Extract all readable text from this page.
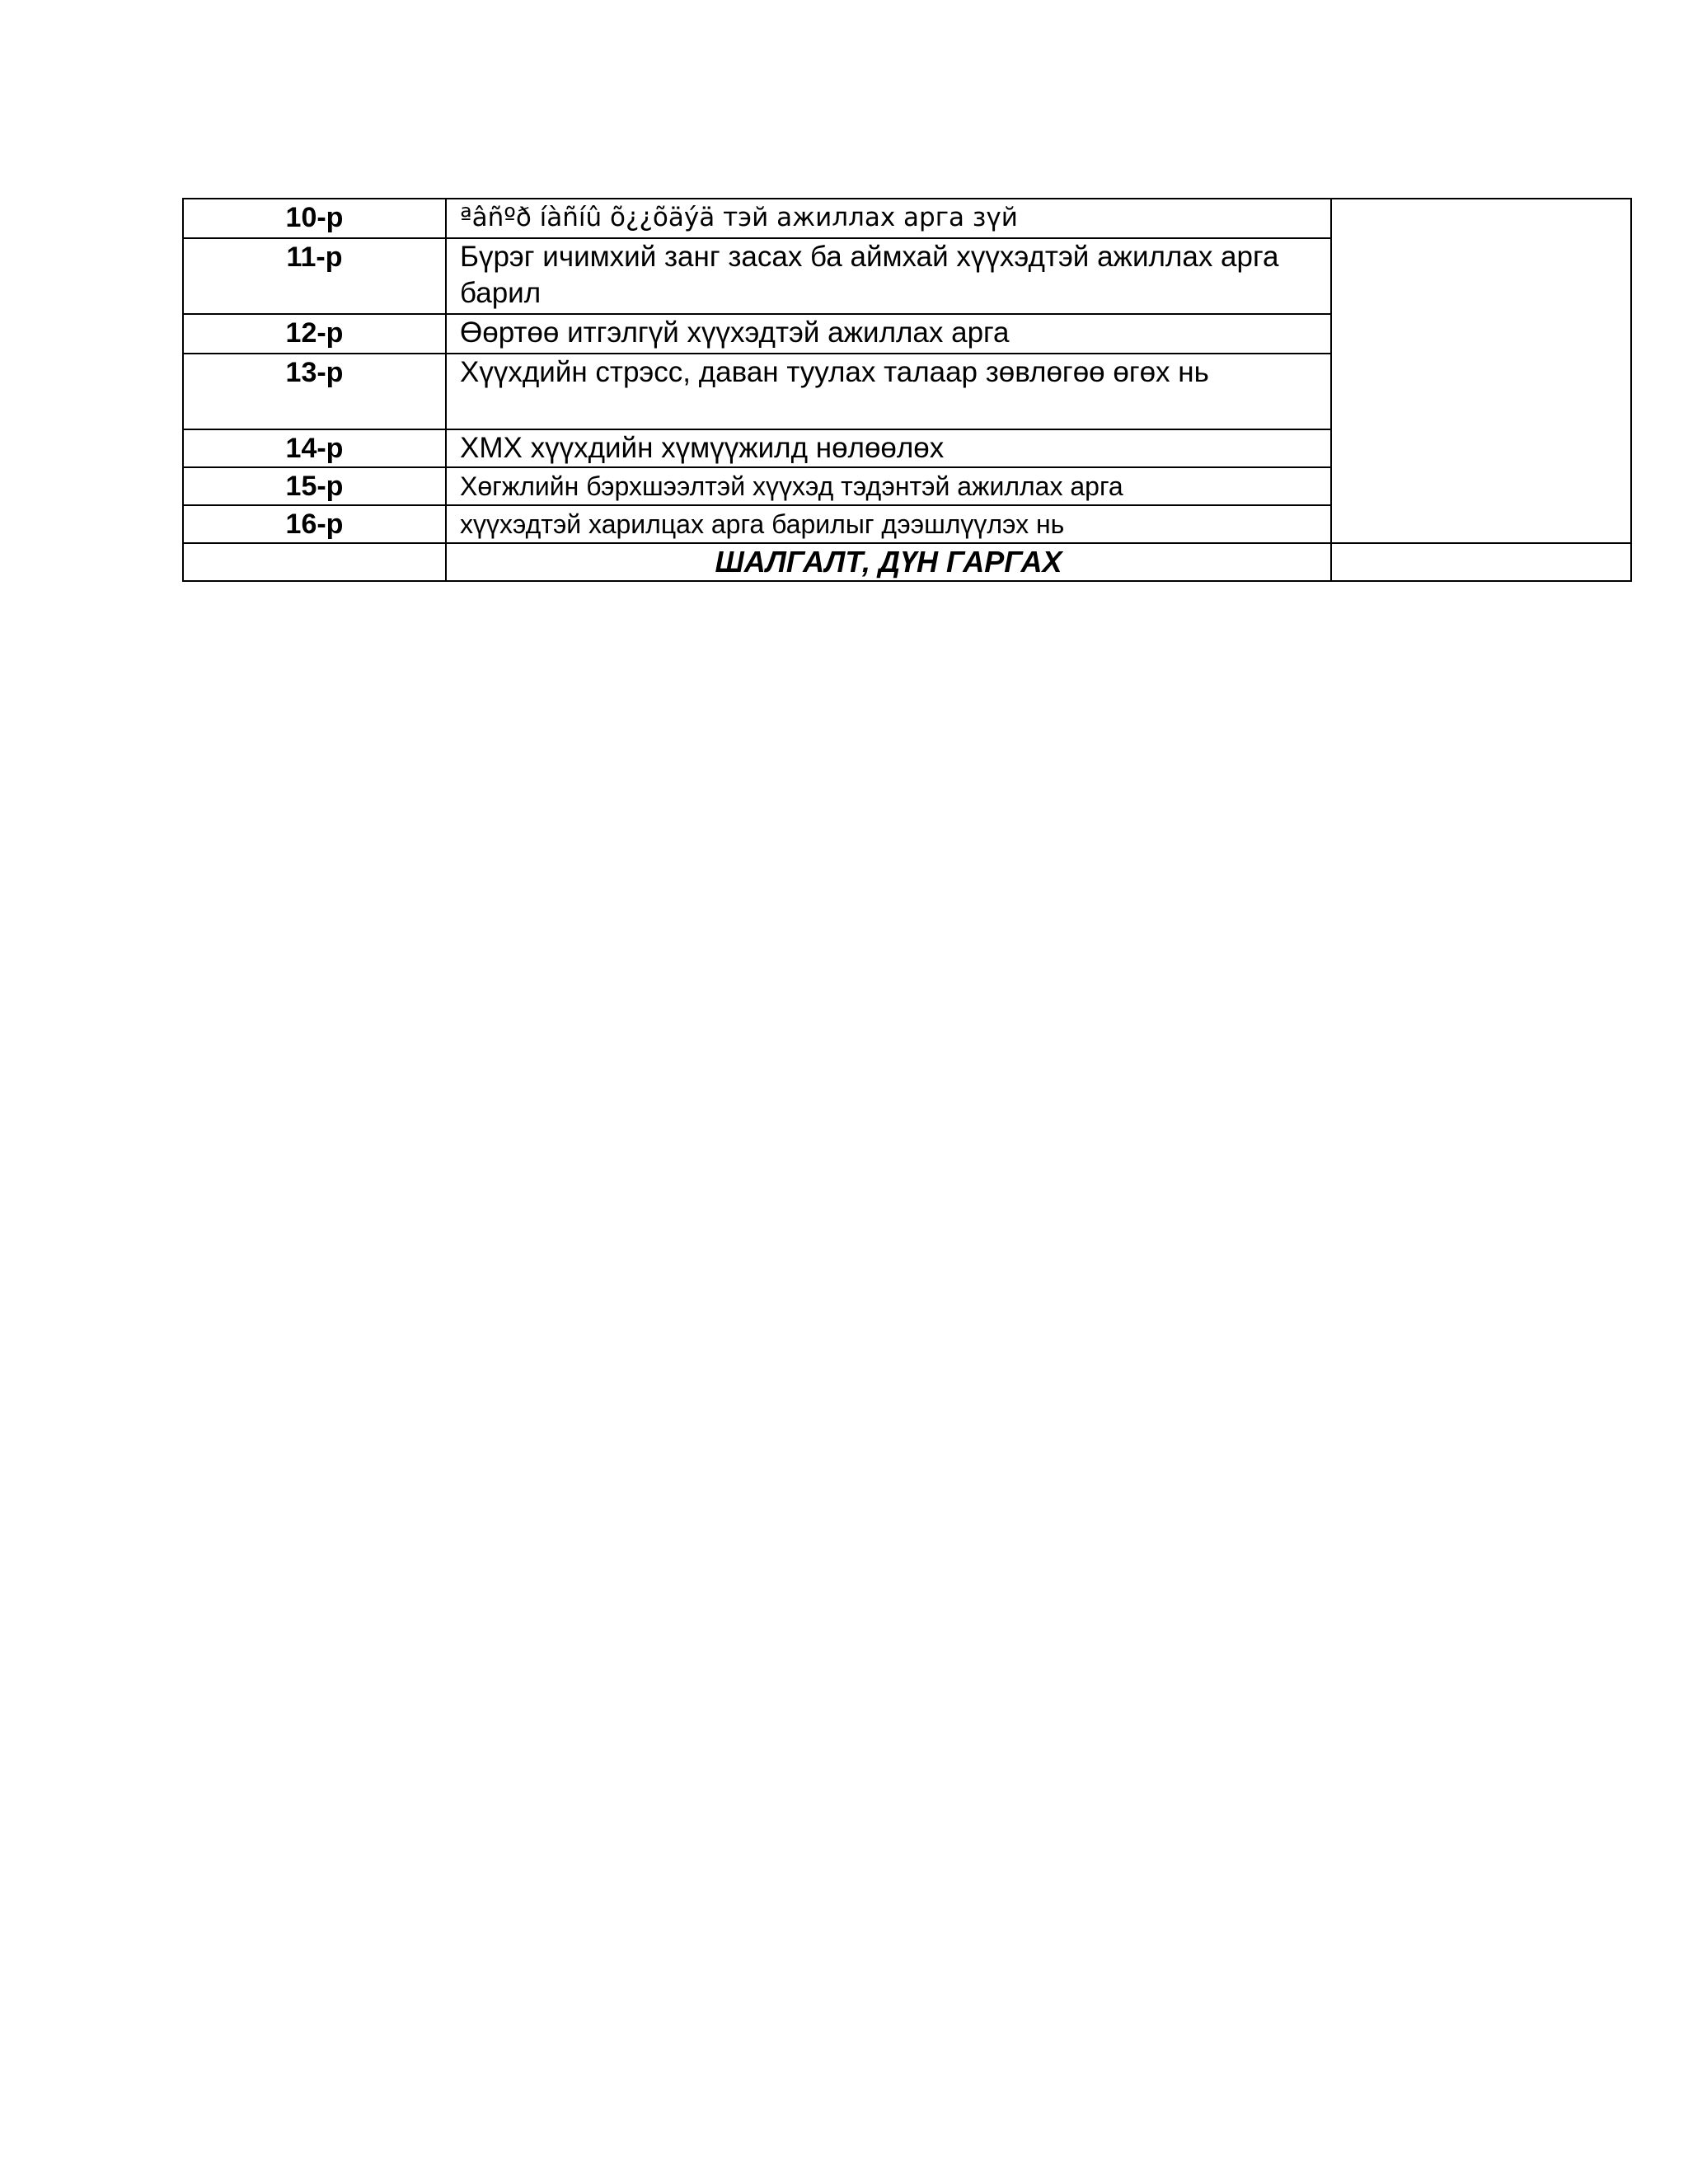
10-р	ªâñºð íàñíû õ¿¿õäýä тэй ажиллах арга зүй	
11-р	Бүрэг ичимхий занг засах ба аймхай хүүхэдтэй ажиллах арга барил	
12-р	Өөртөө итгэлгүй хүүхэдтэй ажиллах арга	
13-р	Хүүхдийн стрэсс, даван туулах талаар зөвлөгөө өгөх нь	
14-р	ХМХ хүүхдийн хүмүүжилд нөлөөлөх	
15-р	Хөгжлийн бэрхшээлтэй хүүхэд тэдэнтэй ажиллах арга	
16-р	хүүхэдтэй харилцах арга барилыг дээшлүүлэх нь	
	ШАЛГАЛТ, ДҮН ГАРГАХ	
